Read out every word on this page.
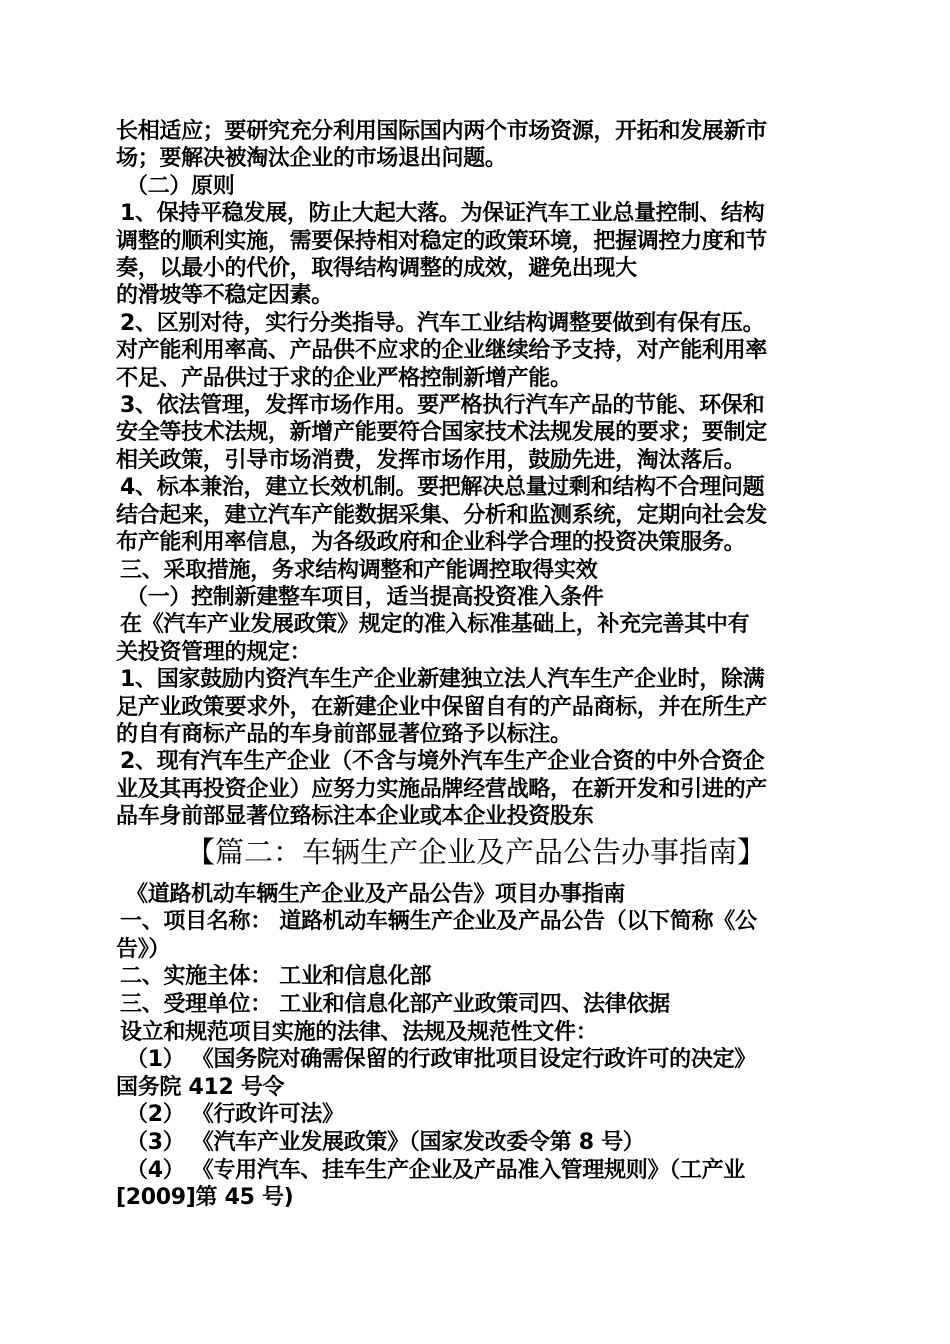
长相适应；要研究充分利用国际国内两个市场资源，开拓和发展新市
场；要解决被淘汰企业的市场退出问题。
（二）原则
1、保持平稳发展，防止大起大落。为保证汽车工业总量控制、结构
调整的顺利实施，需要保持相对稳定的政策环境，把握调控力度和节
奏，以最小的代价，取得结构调整的成效，避免出现大
的滑坡等不稳定因素。
2、区别对待，实行分类指导。汽车工业结构调整要做到有保有压。
对产能利用率高、产品供不应求的企业继续给予支持，对产能利用率
不足、产品供过于求的企业严格控制新增产能。
3、依法管理，发挥市场作用。要严格执行汽车产品的节能、环保和
安全等技术法规，新增产能要符合国家技术法规发展的要求；要制定
相关政策，引导市场消费，发挥市场作用，鼓励先进，淘汰落后。
4、标本兼治，建立长效机制。要把解决总量过剩和结构不合理问题
结合起来，建立汽车产能数据采集、分析和监测系统，定期向社会发
布产能利用率信息，为各级政府和企业科学合理的投资决策服务。
三、采取措施，务求结构调整和产能调控取得实效
（一）控制新建整车项目，适当提高投资准入条件
在《汽车产业发展政策》规定的准入标准基础上，补充完善其中有
关投资管理的规定：
1、国家鼓励内资汽车生产企业新建独立法人汽车生产企业时，除满
足产业政策要求外，在新建企业中保留自有的产品商标，并在所生产
的自有商标产品的车身前部显著位臵予以标注。
2、现有汽车生产企业（不含与境外汽车生产企业合资的中外合资企
业及其再投资企业）应努力实施品牌经营战略，在新开发和引进的产
品车身前部显著位臵标注本企业或本企业投资股东
【篇二：车辆生产企业及产品公告办事指南】
《道路机动车辆生产企业及产品公告》项目办事指南
一、项目名称： 道路机动车辆生产企业及产品公告（以下简称《公
告》）
二、实施主体： 工业和信息化部
三、受理单位： 工业和信息化部产业政策司四、法律依据
设立和规范项目实施的法律、法规及规范性文件：
（1） 《国务院对确需保留的行政审批项目设定行政许可的决定》
国务院 412 号令
（2） 《行政许可法》
（3） 《汽车产业发展政策》（国家发改委令第 8 号）
（4） 《专用汽车、挂车生产企业及产品准入管理规则》（工产业
[2009]第 45 号)
